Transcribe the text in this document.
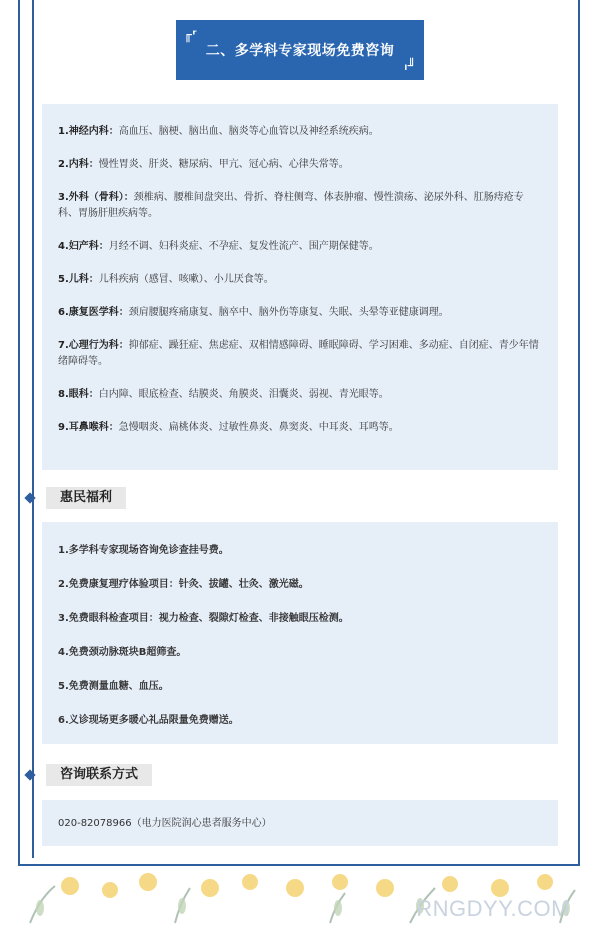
╓ʳ
二、多学科专家现场免费咨询
ₗ╜
1.神经内科：高血压、脑梗、脑出血、脑炎等心血管以及神经系统疾病。
2.内科：慢性胃炎、肝炎、糖尿病、甲亢、冠心病、心律失常等。
3.外科（骨科）：颈椎病、腰椎间盘突出、骨折、脊柱侧弯、体表肿瘤、慢性溃疡、泌尿外科、肛肠痔疮专科、胃肠肝胆疾病等。
4.妇产科：月经不调、妇科炎症、不孕症、复发性流产、围产期保健等。
5.儿科：儿科疾病（感冒、咳嗽）、小儿厌食等。
6.康复医学科：颈肩腰腿疼痛康复、脑卒中、脑外伤等康复、失眠、头晕等亚健康调理。
7.心理行为科：抑郁症、躁狂症、焦虑症、双相情感障碍、睡眠障碍、学习困难、多动症、自闭症、青少年情绪障碍等。
8.眼科：白内障、眼底检查、结膜炎、角膜炎、泪囊炎、弱视、青光眼等。
9.耳鼻喉科：急慢咽炎、扁桃体炎、过敏性鼻炎、鼻窦炎、中耳炎、耳鸣等。
惠民福利
1.多学科专家现场咨询免诊查挂号费。
2.免费康复理疗体验项目：针灸、拔罐、壮灸、激光磁。
3.免费眼科检查项目：视力检查、裂隙灯检查、非接触眼压检测。
4.免费颈动脉斑块B超筛查。
5.免费测量血糖、血压。
6.义诊现场更多暖心礼品限量免费赠送。
咨询联系方式
020-82078966（电力医院润心患者服务中心）
RNGDYY.COM
